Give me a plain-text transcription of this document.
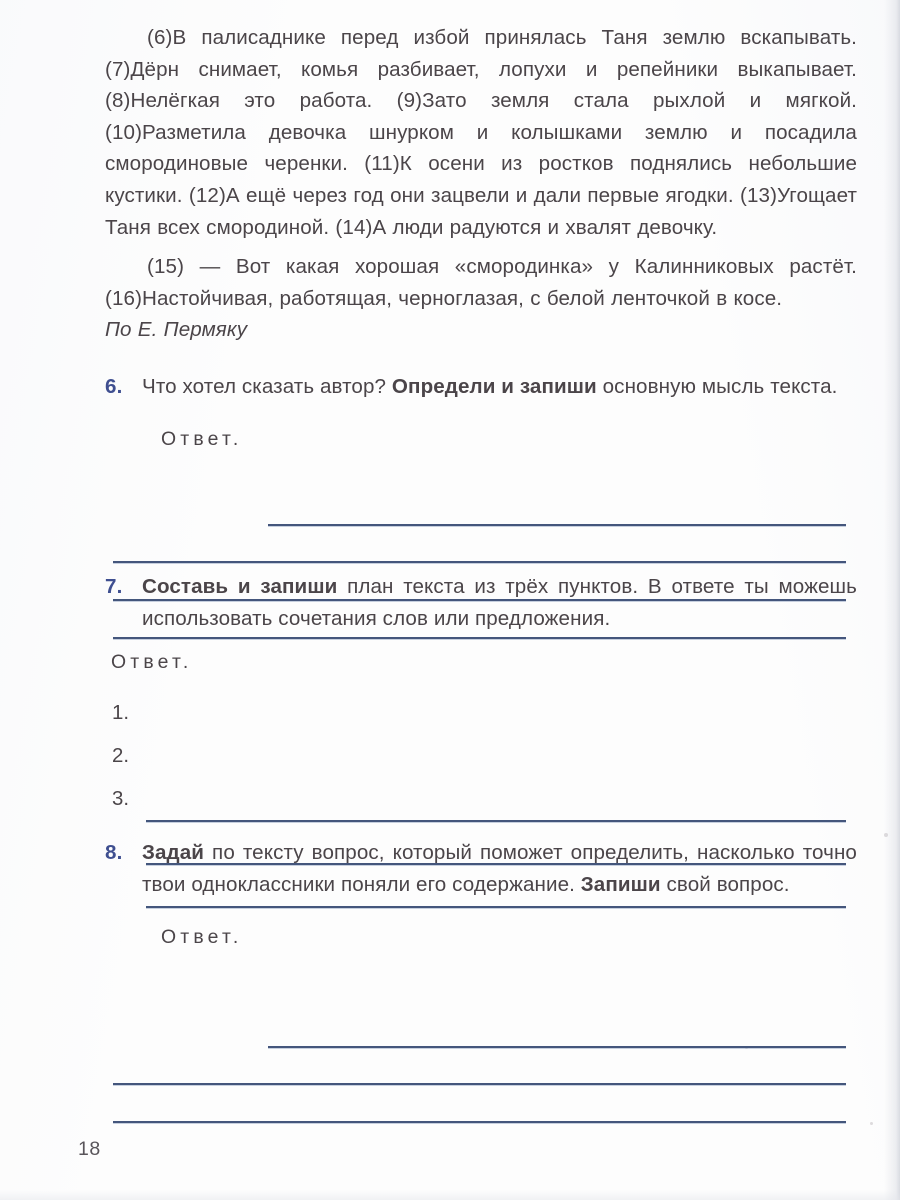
(6)В палисаднике перед избой принялась Таня землю вскапывать. (7)Дёрн снимает, комья разбивает, лопухи и репейники выкапывает. (8)Нелёгкая это работа. (9)Зато земля стала рыхлой и мягкой. (10)Разметила девочка шнурком и колышками землю и посадила смородиновые черенки. (11)К осени из ростков поднялись небольшие кустики. (12)А ещё через год они зацвели и дали первые ягодки. (13)Угощает Таня всех смородиной. (14)А люди радуются и хвалят девочку.

(15) — Вот какая хорошая «смородинка» у Калинниковых растёт. (16)Настойчивая, работящая, черноглазая, с белой ленточкой в косе.

По Е. Пермяку

6. Что хотел сказать автор? Определи и запиши основную мысль текста.
Ответ.
7. Составь и запиши план текста из трёх пунктов. В ответе ты можешь использовать сочетания слов или предложения.
Ответ.
1.
2.
3.
8. Задай по тексту вопрос, который поможет определить, насколько точно твои одноклассники поняли его содержание. Запиши свой вопрос.
Ответ.
18
